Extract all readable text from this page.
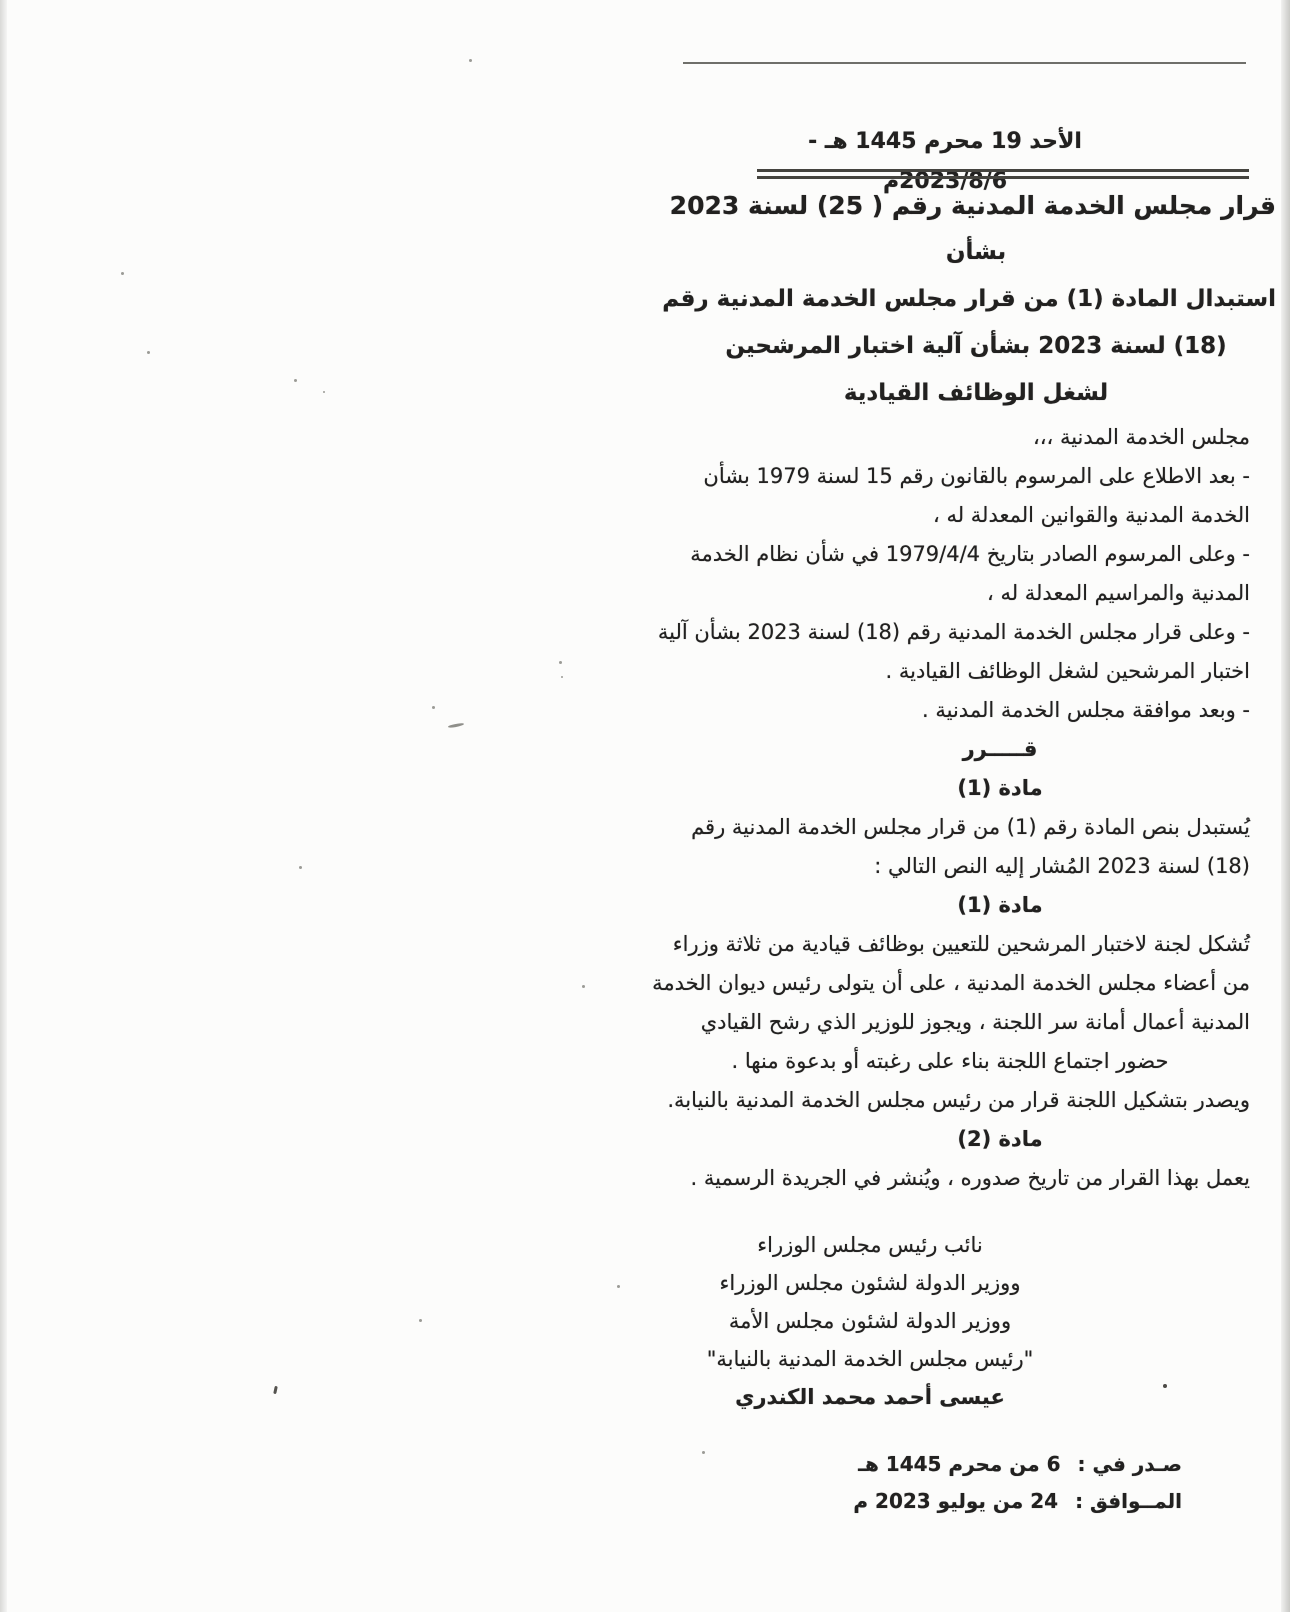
الأحد 19 محرم 1445 هـ - 2023/8/6م
قرار مجلس الخدمة المدنية رقم ( 25) لسنة 2023
بشأن
استبدال المادة (1) من قرار مجلس الخدمة المدنية رقم
(18) لسنة 2023 بشأن آلية اختبار المرشحين
لشغل الوظائف القيادية
مجلس الخدمة المدنية ،،،
- بعد الاطلاع على المرسوم بالقانون رقم 15 لسنة 1979 بشأن
الخدمة المدنية والقوانين المعدلة له ،
- وعلى المرسوم الصادر بتاريخ 1979/4/4 في شأن نظام الخدمة
المدنية والمراسيم المعدلة له ،
- وعلى قرار مجلس الخدمة المدنية رقم (18) لسنة 2023 بشأن آلية
اختبار المرشحين لشغل الوظائف القيادية .
- وبعد موافقة مجلس الخدمة المدنية .
قـــــرر
مادة (1)
يُستبدل بنص المادة رقم (1) من قرار مجلس الخدمة المدنية رقم
(18) لسنة 2023 المُشار إليه النص التالي :
مادة (1)
تُشكل لجنة لاختبار المرشحين للتعيين بوظائف قيادية من ثلاثة وزراء
من أعضاء مجلس الخدمة المدنية ، على أن يتولى رئيس ديوان الخدمة
المدنية أعمال أمانة سر اللجنة ، ويجوز للوزير الذي رشح القيادي
حضور اجتماع اللجنة بناء على رغبته أو بدعوة منها .
ويصدر بتشكيل اللجنة قرار من رئيس مجلس الخدمة المدنية بالنيابة.
مادة (2)
يعمل بهذا القرار من تاريخ صدوره ، ويُنشر في الجريدة الرسمية .
نائب رئيس مجلس الوزراء
ووزير الدولة لشئون مجلس الوزراء
ووزير الدولة لشئون مجلس الأمة
"رئيس مجلس الخدمة المدنية بالنيابة"
عيسى أحمد محمد الكندري
صـدر في : 6 من محرم 1445 هـ
المــوافق : 24 من يوليو 2023 م
